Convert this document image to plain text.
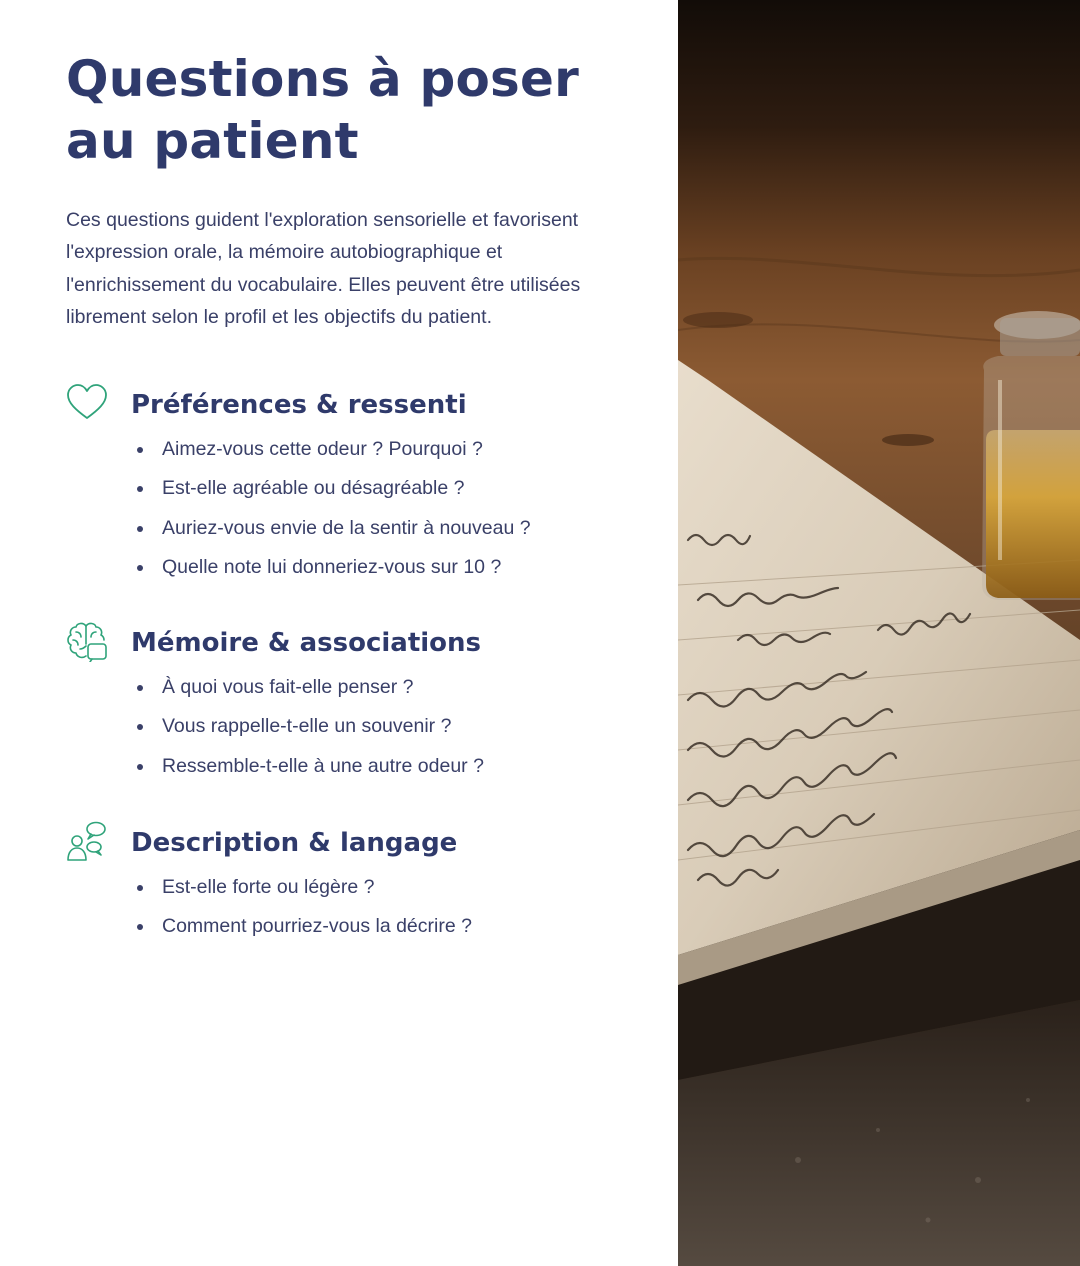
Questions à poser au patient

Ces questions guident l'exploration sensorielle et favorisent l'expression orale, la mémoire autobiographique et l'enrichissement du vocabulaire. Elles peuvent être utilisées librement selon le profil et les objectifs du patient.

Préférences & ressenti
Aimez-vous cette odeur ? Pourquoi ?
Est-elle agréable ou désagréable ?
Auriez-vous envie de la sentir à nouveau ?
Quelle note lui donneriez-vous sur 10 ?
Mémoire & associations
À quoi vous fait-elle penser ?
Vous rappelle-t-elle un souvenir ?
Ressemble-t-elle à une autre odeur ?
Description & langage
Est-elle forte ou légère ?
Comment pourriez-vous la décrire ?
